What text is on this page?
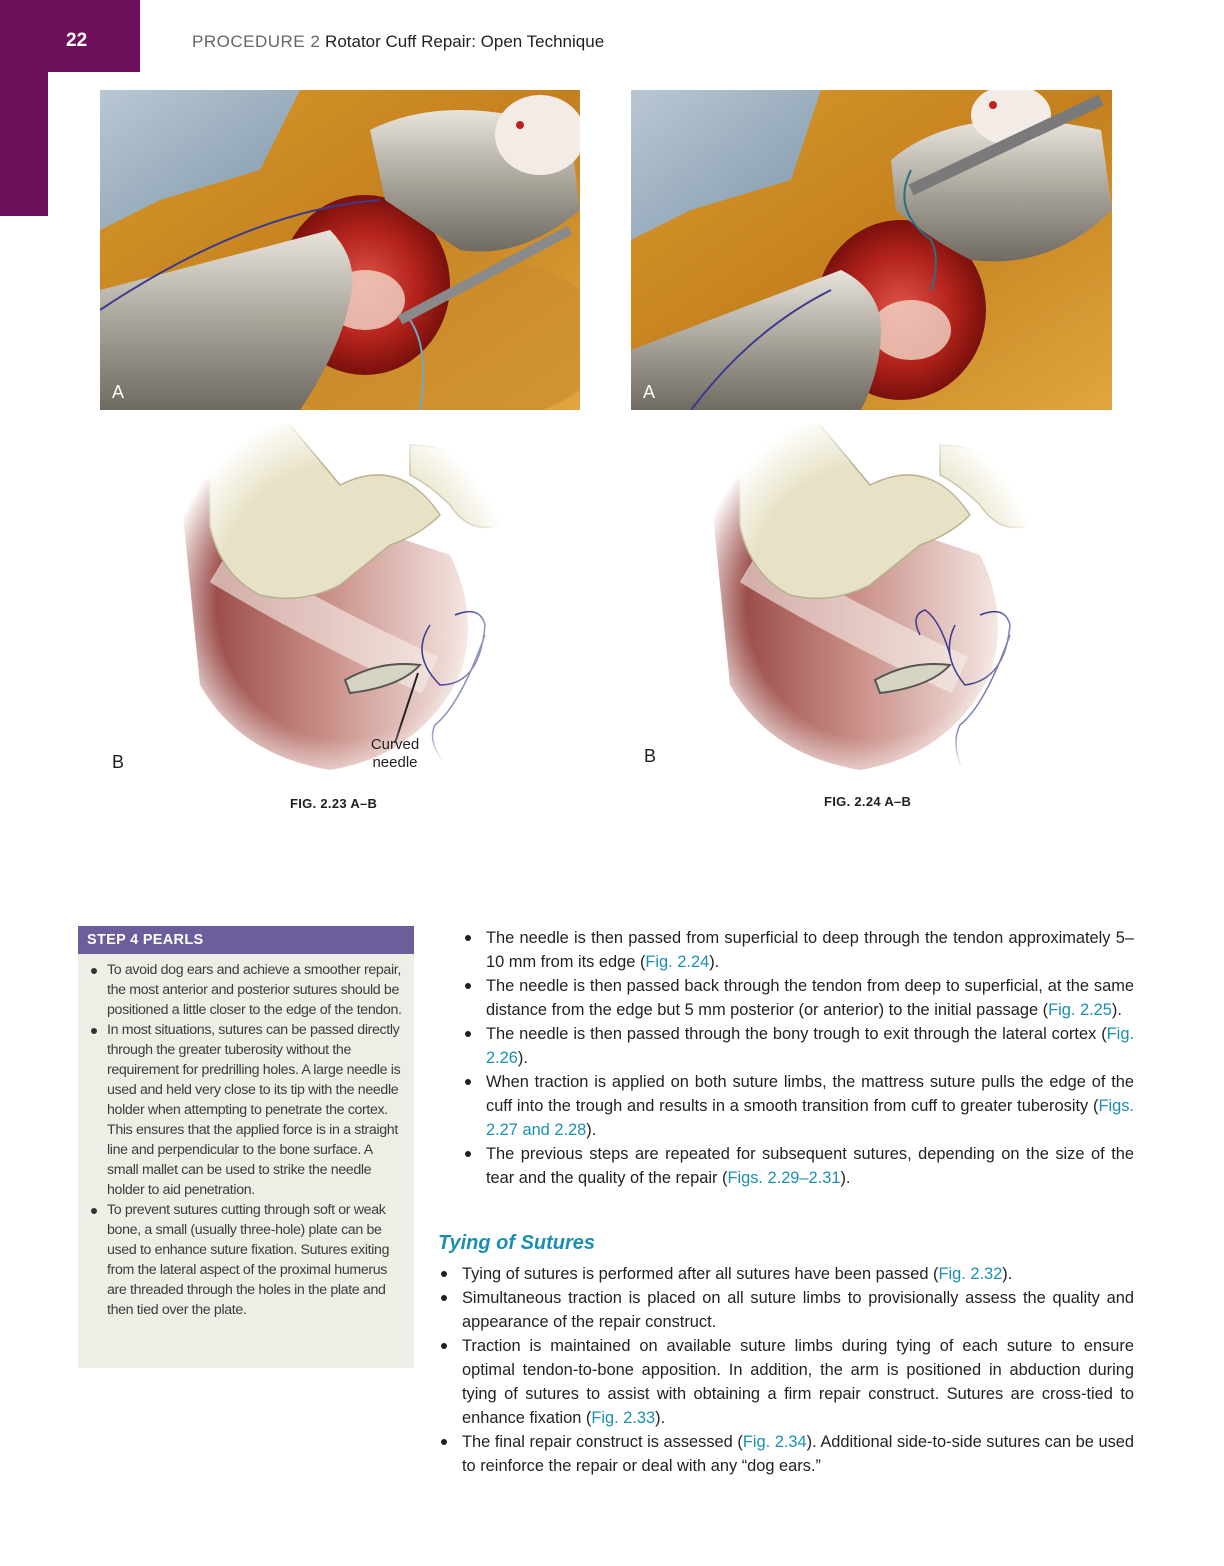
22	PROCEDURE 2 Rotator Cuff Repair: Open Technique
A	A
B
Curved
needle
FIG. 2.23 A–B
B
FIG. 2.24 A–B
STEP 4 PEARLS
To avoid dog ears and achieve a smoother repair, the most anterior and posterior sutures should be positioned a little closer to the edge of the tendon.
In most situations, sutures can be passed directly through the greater tuberosity without the requirement for predrilling holes. A large needle is used and held very close to its tip with the needle holder when attempting to penetrate the cortex. This ensures that the applied force is in a straight line and perpendicular to the bone surface. A small mallet can be used to strike the needle holder to aid penetration.
To prevent sutures cutting through soft or weak bone, a small (usually three-hole) plate can be used to enhance suture fixation. Sutures exiting from the lateral aspect of the proximal humerus are threaded through the holes in the plate and then tied over the plate.
The needle is then passed from superficial to deep through the tendon approximately 5–10 mm from its edge (Fig. 2.24).
The needle is then passed back through the tendon from deep to superficial, at the same distance from the edge but 5 mm posterior (or anterior) to the initial passage (Fig. 2.25).
The needle is then passed through the bony trough to exit through the lateral cortex (Fig. 2.26).
When traction is applied on both suture limbs, the mattress suture pulls the edge of the cuff into the trough and results in a smooth transition from cuff to greater tuberosity (Figs. 2.27 and 2.28).
The previous steps are repeated for subsequent sutures, depending on the size of the tear and the quality of the repair (Figs. 2.29–2.31).
Tying of Sutures
Tying of sutures is performed after all sutures have been passed (Fig. 2.32).
Simultaneous traction is placed on all suture limbs to provisionally assess the quality and appearance of the repair construct.
Traction is maintained on available suture limbs during tying of each suture to ensure optimal tendon-to-bone apposition. In addition, the arm is positioned in abduction during tying of sutures to assist with obtaining a firm repair construct. Sutures are cross-tied to enhance fixation (Fig. 2.33).
The final repair construct is assessed (Fig. 2.34). Additional side-to-side sutures can be used to reinforce the repair or deal with any “dog ears.”
